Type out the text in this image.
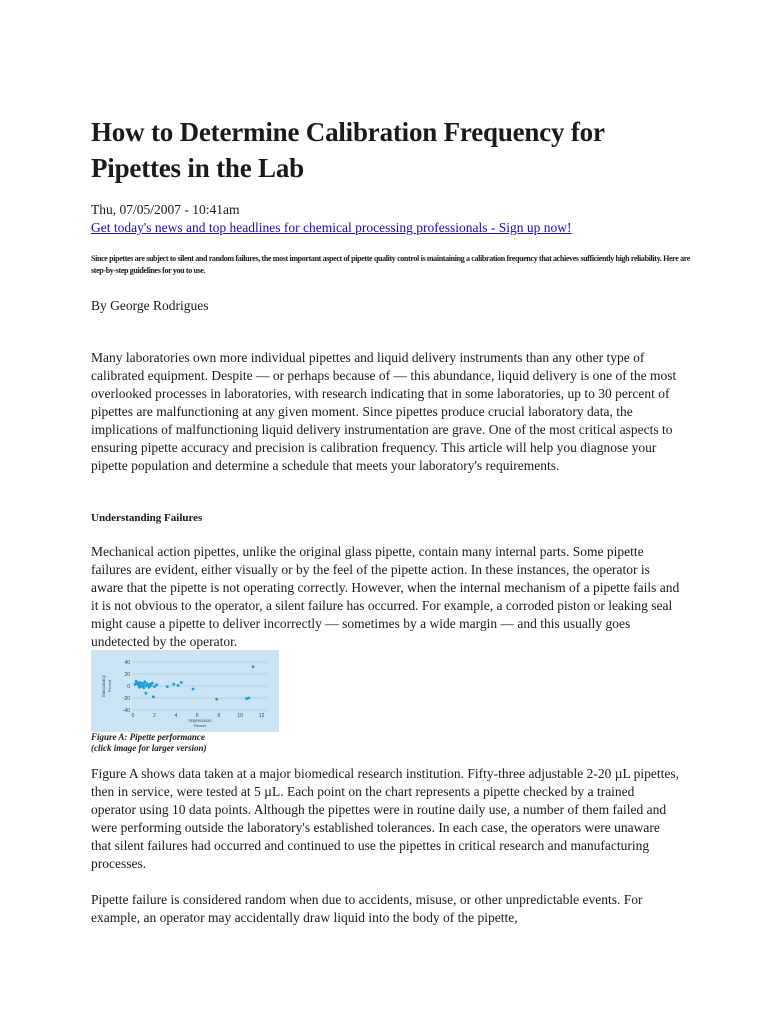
How to Determine Calibration Frequency for Pipettes in the Lab
Thu, 07/05/2007 - 10:41am
Get today's news and top headlines for chemical processing professionals - Sign up now!
Since pipettes are subject to silent and random failures, the most important aspect of pipette quality control is maintaining a calibration frequency that achieves sufficiently high reliability. Here are step-by-step guidelines for you to use.
By George Rodrigues

Many laboratories own more individual pipettes and liquid delivery instruments than any other type of calibrated equipment. Despite — or perhaps because of — this abundance, liquid delivery is one of the most overlooked processes in laboratories, with research indicating that in some laboratories, up to 30 percent of pipettes are malfunctioning at any given moment. Since pipettes produce crucial laboratory data, the implications of malfunctioning liquid delivery instrumentation are grave. One of the most critical aspects to ensuring pipette accuracy and precision is calibration frequency. This article will help you diagnose your pipette population and determine a schedule that meets your laboratory's requirements.

Understanding Failures

Mechanical action pipettes, unlike the original glass pipette, contain many internal parts. Some pipette failures are evident, either visually or by the feel of the pipette action. In these instances, the operator is aware that the pipette is not operating correctly. However, when the internal mechanism of a pipette fails and it is not obvious to the operator, a silent failure has occurred. For example, a corroded piston or leaking seal might cause a pipette to deliver incorrectly — sometimes by a wide margin — and this usually goes undetected by the operator.

40
20
0
-20
-40
0	2	4	6	8	10	12
Imprecision
Percent
Inaccuracy Percent
Figure A: Pipette performance
(click image for larger version)

Figure A shows data taken at a major biomedical research institution. Fifty-three adjustable 2-20 µL pipettes, then in service, were tested at 5 µL. Each point on the chart represents a pipette checked by a trained operator using 10 data points. Although the pipettes were in routine daily use, a number of them failed and were performing outside the laboratory's established tolerances. In each case, the operators were unaware that silent failures had occurred and continued to use the pipettes in critical research and manufacturing processes.

Pipette failure is considered random when due to accidents, misuse, or other unpredictable events. For example, an operator may accidentally draw liquid into the body of the pipette,
